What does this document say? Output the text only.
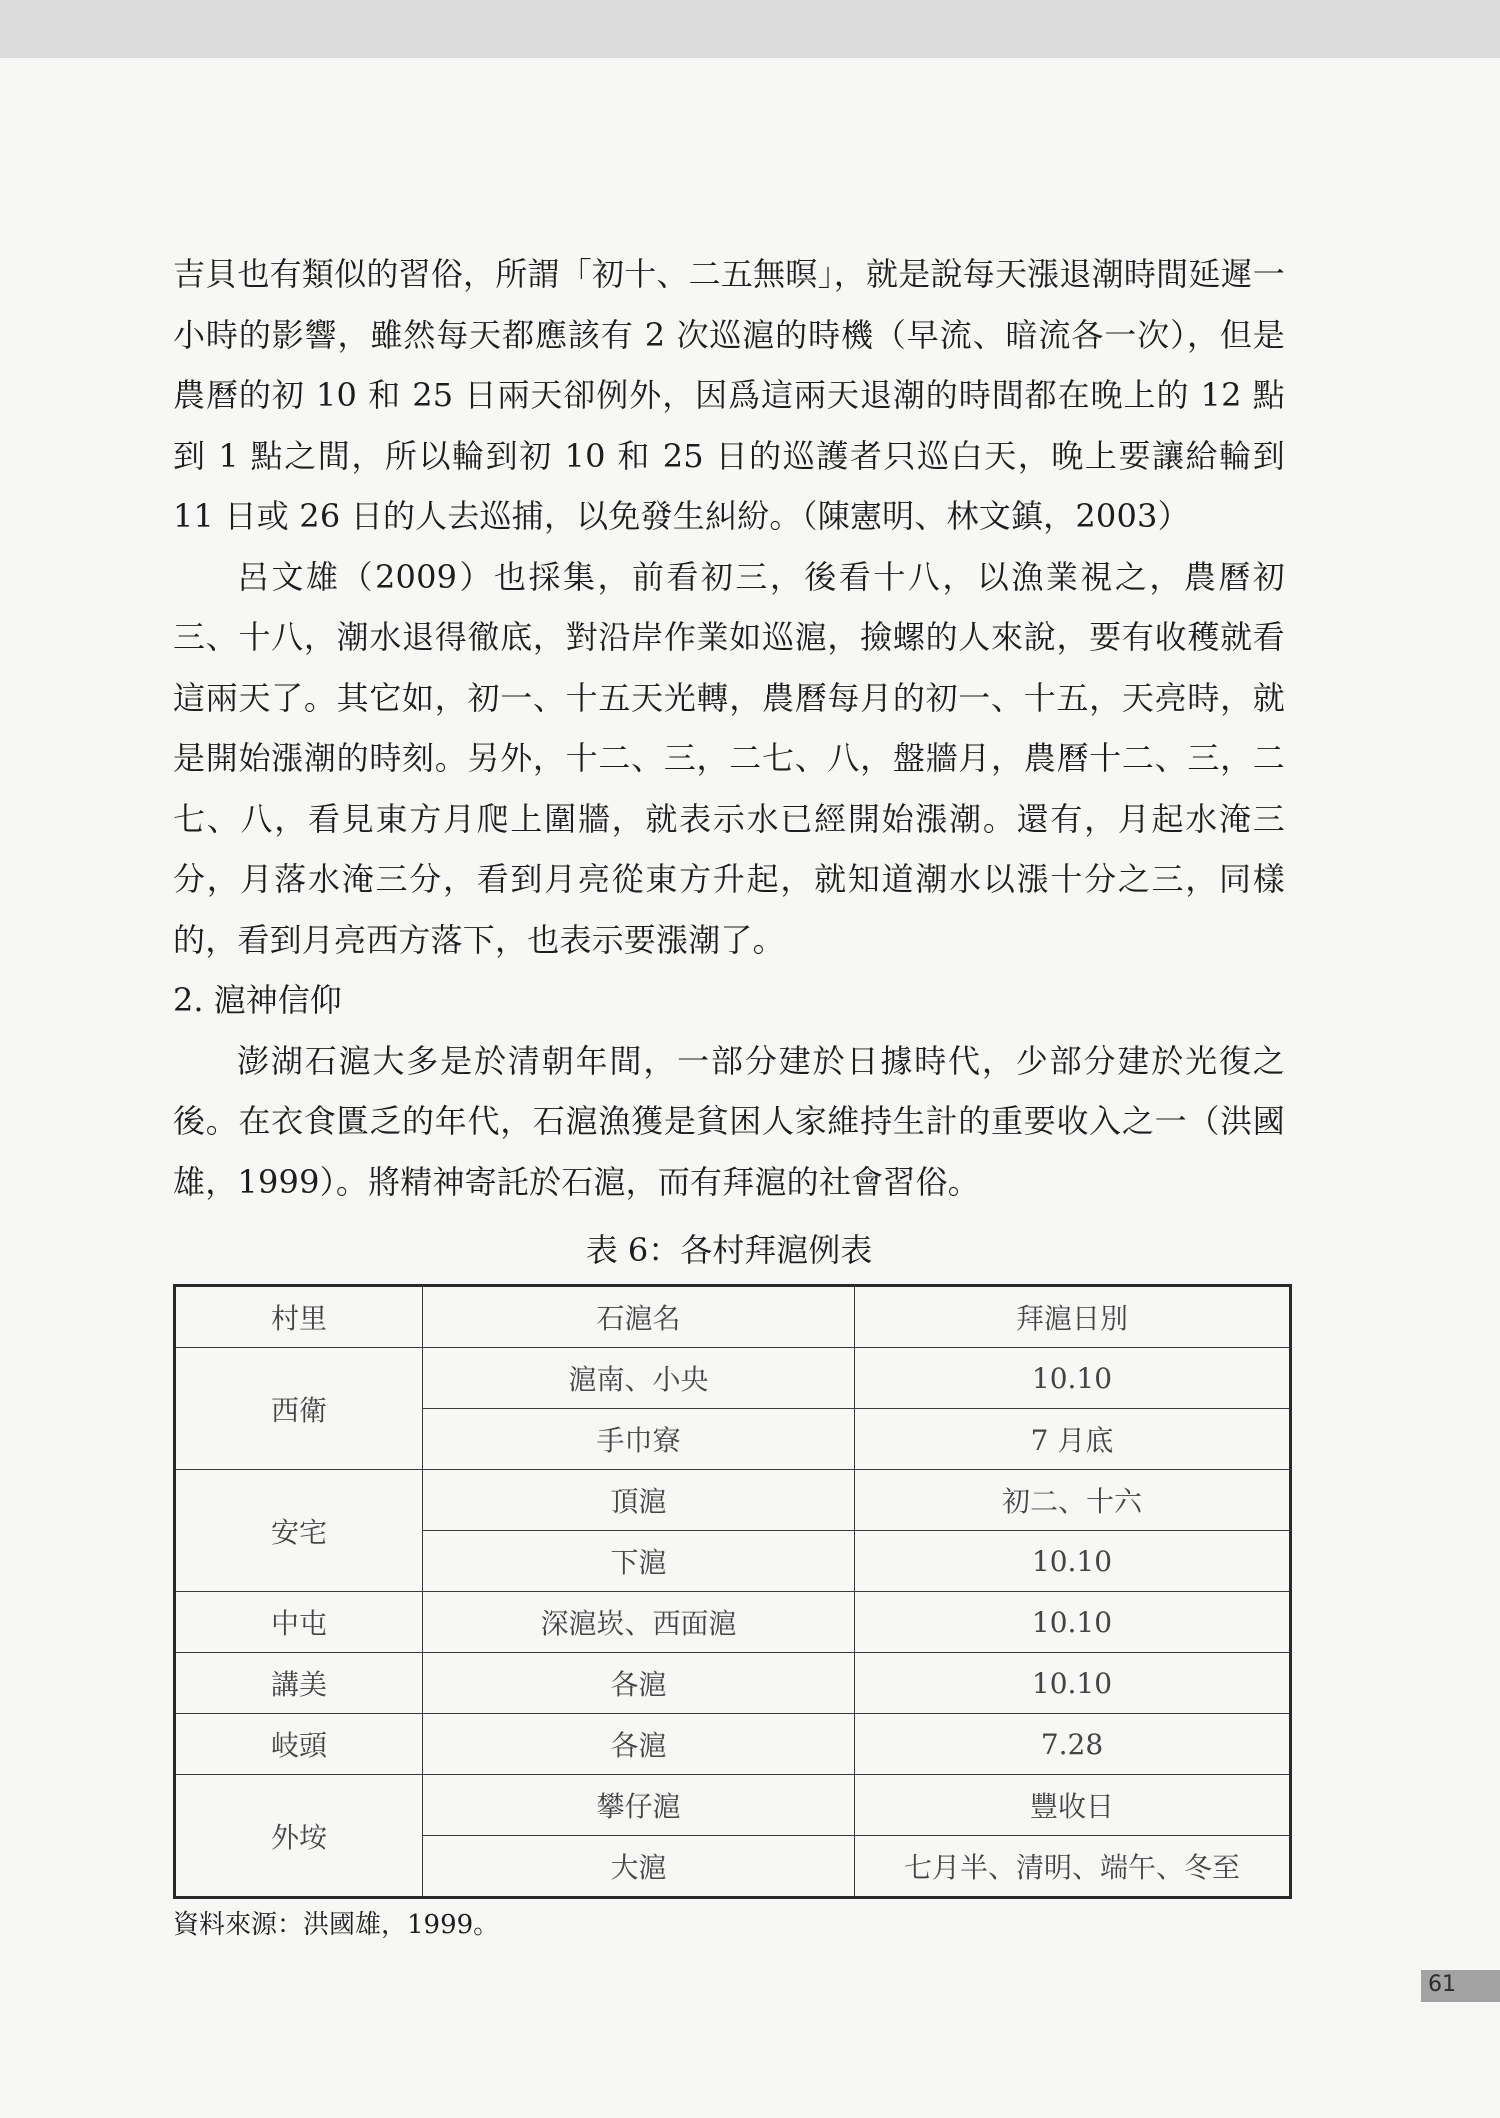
吉貝也有類似的習俗，所謂「初十、二五無暝」，就是說每天漲退潮時間延遲一小時的影響，雖然每天都應該有 2 次巡滬的時機（早流、暗流各一次），但是農曆的初 10 和 25 日兩天卻例外，因爲這兩天退潮的時間都在晚上的 12 點到 1 點之間，所以輪到初 10 和 25 日的巡護者只巡白天，晚上要讓給輪到 11 日或 26 日的人去巡捕，以免發生糾紛。（陳憲明、林文鎮，2003）

呂文雄（2009）也採集，前看初三，後看十八，以漁業視之，農曆初三、十八，潮水退得徹底，對沿岸作業如巡滬，撿螺的人來說，要有收穫就看這兩天了。其它如，初一、十五天光轉，農曆每月的初一、十五，天亮時，就是開始漲潮的時刻。另外，十二、三，二七、八，盤牆月，農曆十二、三，二七、八，看見東方月爬上圍牆，就表示水已經開始漲潮。還有，月起水淹三分，月落水淹三分，看到月亮從東方升起，就知道潮水以漲十分之三，同樣的，看到月亮西方落下，也表示要漲潮了。

2. 滬神信仰

澎湖石滬大多是於清朝年間，一部分建於日據時代，少部分建於光復之後。在衣食匱乏的年代，石滬漁獲是貧困人家維持生計的重要收入之一（洪國雄，1999）。將精神寄託於石滬，而有拜滬的社會習俗。

表 6：各村拜滬例表
村里	石滬名	拜滬日別
西衛	滬南、小央	10.10
	手巾寮	7 月底
安宅	頂滬	初二、十六
	下滬	10.10
中屯	深滬崁、西面滬	10.10
講美	各滬	10.10
岐頭	各滬	7.28
外垵	攀仔滬	豐收日
	大滬	七月半、清明、端午、冬至
資料來源：洪國雄，1999。
61
